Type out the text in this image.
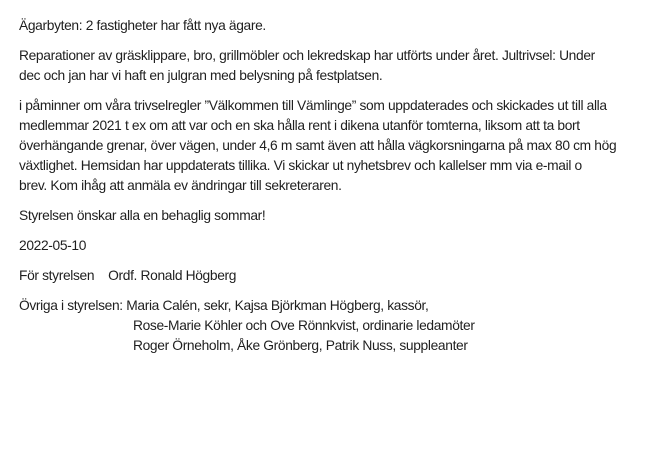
Ägarbyten: 2 fastigheter har fått nya ägare.

Reparationer av gräsklippare, bro, grillmöbler och lekredskap har utförts under året. Jultrivsel: Under
dec och jan har vi haft en julgran med belysning på festplatsen.

i påminner om våra trivselregler ”Välkommen till Vämlinge” som uppdaterades och skickades ut till alla
medlemmar 2021 t ex om att var och en ska hålla rent i dikena utanför tomterna, liksom att ta bort
överhängande grenar, över vägen, under 4,6 m samt även att hålla vägkorsningarna på max 80 cm hög
växtlighet. Hemsidan har uppdaterats tillika. Vi skickar ut nyhetsbrev och kallelser mm via e-mail o
brev. Kom ihåg att anmäla ev ändringar till sekreteraren.

Styrelsen önskar alla en behaglig sommar!

2022-05-10

För styrelsen    Ordf. Ronald Högberg

Övriga i styrelsen: Maria Calén, sekr, Kajsa Björkman Högberg, kassör,
Rose-Marie Köhler och Ove Rönnkvist, ordinarie ledamöter
Roger Örneholm, Åke Grönberg, Patrik Nuss, suppleanter
